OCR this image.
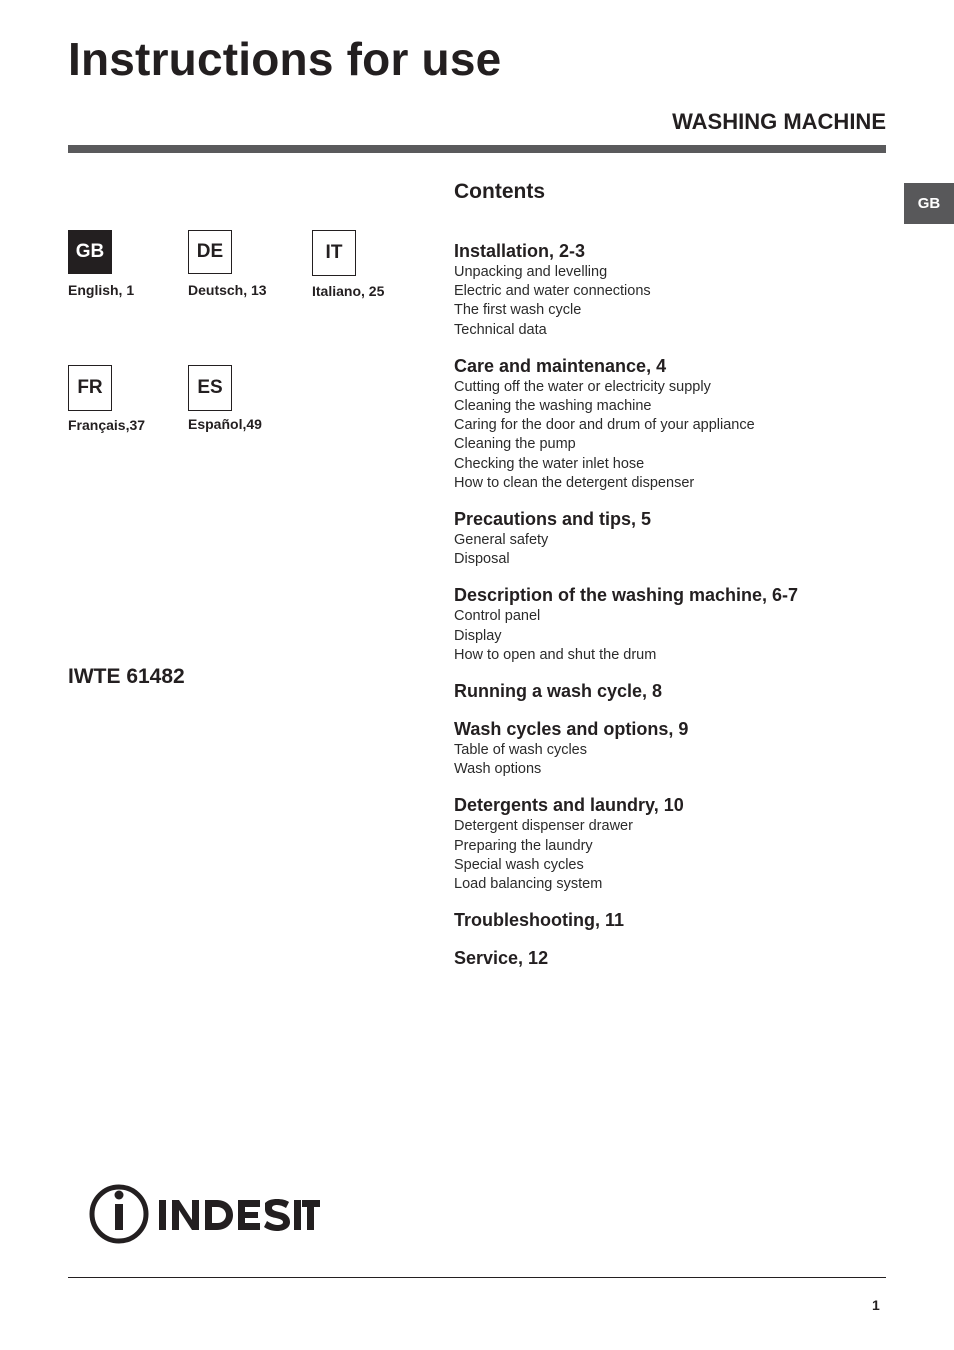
Instructions for use
WASHING MACHINE
GB
GB
English, 1
DE
Deutsch, 13
IT
Italiano, 25
FR
Français,37
ES
Español,49
IWTE 61482
Contents
Installation, 2-3
Unpacking and levelling
Electric and water connections
The first wash cycle
Technical data
Care and maintenance, 4
Cutting off the water or electricity supply
Cleaning the washing machine
Caring for the door and drum of your appliance
Cleaning the pump
Checking the water inlet hose
How to clean the detergent dispenser
Precautions and tips, 5
General safety
Disposal
Description of the washing machine, 6-7
Control panel
Display
How to open and shut the drum
Running a wash cycle, 8
Wash cycles and options, 9
Table of wash cycles
Wash options
Detergents and laundry, 10
Detergent dispenser drawer
Preparing the laundry
Special wash cycles
Load balancing system
Troubleshooting, 11
Service, 12
1
